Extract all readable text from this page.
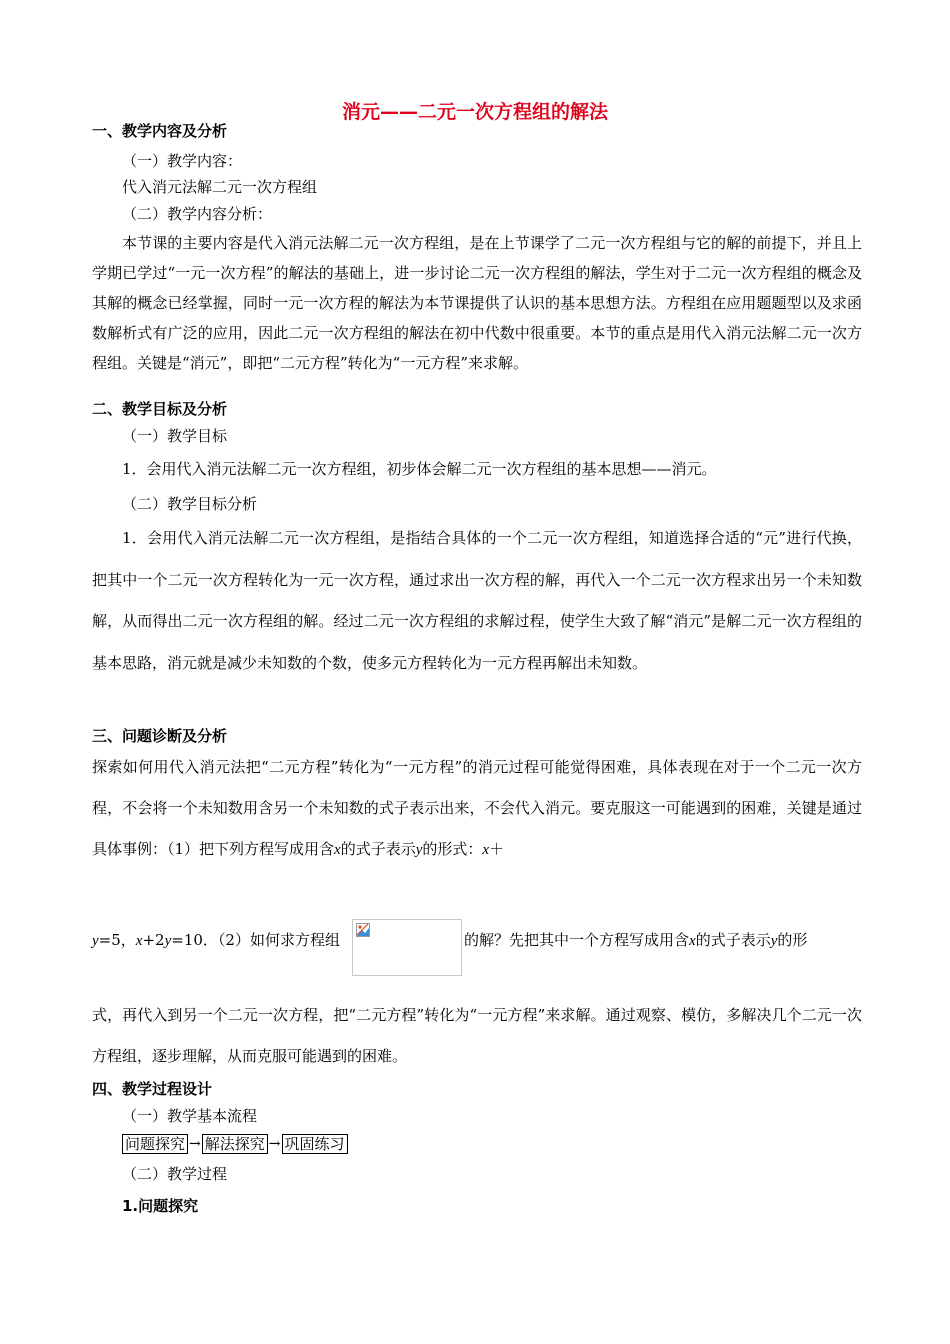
消元——二元一次方程组的解法
一、教学内容及分析
（一）教学内容：
代入消元法解二元一次方程组
（二）教学内容分析：
本节课的主要内容是代入消元法解二元一次方程组，是在上节课学了二元一次方程组与它的解的前提下，并且上学期已学过“一元一次方程”的解法的基础上，进一步讨论二元一次方程组的解法，学生对于二元一次方程组的概念及其解的概念已经掌握，同时一元一次方程的解法为本节课提供了认识的基本思想方法。方程组在应用题题型以及求函数解析式有广泛的应用，因此二元一次方程组的解法在初中代数中很重要。本节的重点是用代入消元法解二元一次方程组。关键是“消元”，即把“二元方程”转化为“一元方程”来求解。
二、教学目标及分析
（一）教学目标
1．会用代入消元法解二元一次方程组，初步体会解二元一次方程组的基本思想——消元。
（二）教学目标分析
1．会用代入消元法解二元一次方程组，是指结合具体的一个二元一次方程组，知道选择合适的“元”进行代换，把其中一个二元一次方程转化为一元一次方程，通过求出一次方程的解，再代入一个二元一次方程求出另一个未知数解，从而得出二元一次方程组的解。经过二元一次方程组的求解过程，使学生大致了解“消元”是解二元一次方程组的基本思路，消元就是减少未知数的个数，使多元方程转化为一元方程再解出未知数。
三、问题诊断及分析
探索如何用代入消元法把“二元方程”转化为“一元方程”的消元过程可能觉得困难，具体表现在对于一个二元一次方程，不会将一个未知数用含另一个未知数的式子表示出来，不会代入消元。要克服这一可能遇到的困难，关键是通过具体事例：（1）把下列方程写成用含x的式子表示y的形式：x＋
y=5，x+2y=10．（2）如何求方程组	的解？先把其中一个方程写成用含x的式子表示y的形
式，再代入到另一个二元一次方程，把“二元方程”转化为“一元方程”来求解。通过观察、模仿，多解决几个二元一次方程组，逐步理解，从而克服可能遇到的困难。
四、教学过程设计
（一）教学基本流程
问题探究 → 解法探究 → 巩固练习
（二）教学过程
1.问题探究
